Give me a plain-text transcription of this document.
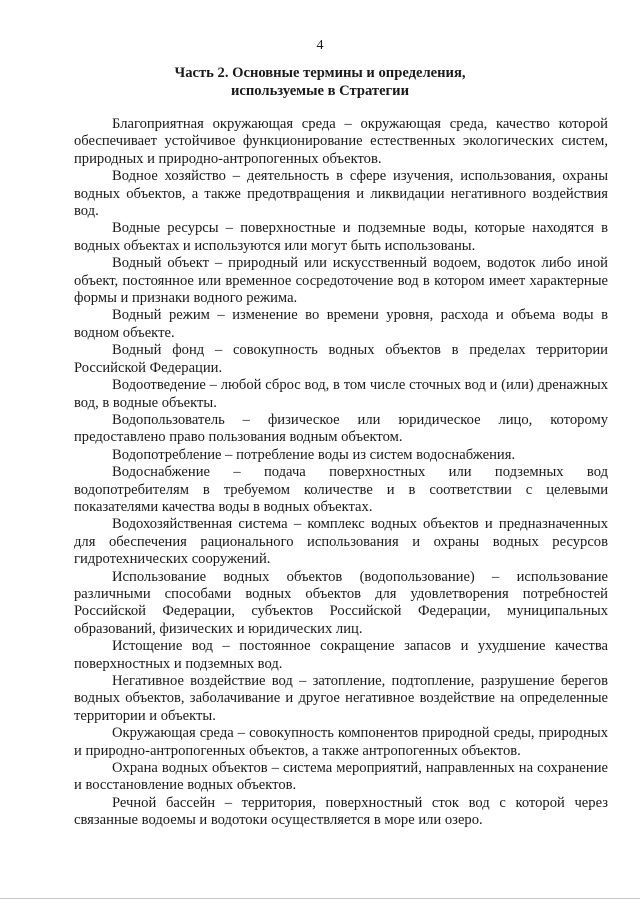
4
Часть 2. Основные термины и определения,
используемые в Стратегии

Благоприятная окружающая среда – окружающая среда, качество которой обеспечивает устойчивое функционирование естественных экологических систем, природных и природно-антропогенных объектов.

Водное хозяйство – деятельность в сфере изучения, использования, охраны водных объектов, а также предотвращения и ликвидации негативного воздействия вод.

Водные ресурсы – поверхностные и подземные воды, которые находятся в водных объектах и используются или могут быть использованы.

Водный объект – природный или искусственный водоем, водоток либо иной объект, постоянное или временное сосредоточение вод в котором имеет характерные формы и признаки водного режима.

Водный режим – изменение во времени уровня, расхода и объема воды в водном объекте.

Водный фонд – совокупность водных объектов в пределах территории Российской Федерации.

Водоотведение – любой сброс вод, в том числе сточных вод и (или) дренажных вод, в водные объекты.

Водопользователь – физическое или юридическое лицо, которому предоставлено право пользования водным объектом.

Водопотребление – потребление воды из систем водоснабжения.

Водоснабжение – подача поверхностных или подземных вод водопотребителям в требуемом количестве и в соответствии с целевыми показателями качества воды в водных объектах.

Водохозяйственная система – комплекс водных объектов и предназначенных для обеспечения рационального использования и охраны водных ресурсов гидротехнических сооружений.

Использование водных объектов (водопользование) – использование различными способами водных объектов для удовлетворения потребностей Российской Федерации, субъектов Российской Федерации, муниципальных образований, физических и юридических лиц.

Истощение вод – постоянное сокращение запасов и ухудшение качества поверхностных и подземных вод.

Негативное воздействие вод – затопление, подтопление, разрушение берегов водных объектов, заболачивание и другое негативное воздействие на определенные территории и объекты.

Окружающая среда – совокупность компонентов природной среды, природных и природно-антропогенных объектов, а также антропогенных объектов.

Охрана водных объектов – система мероприятий, направленных на сохранение и восстановление водных объектов.

Речной бассейн – территория, поверхностный сток вод с которой через связанные водоемы и водотоки осуществляется в море или озеро.
